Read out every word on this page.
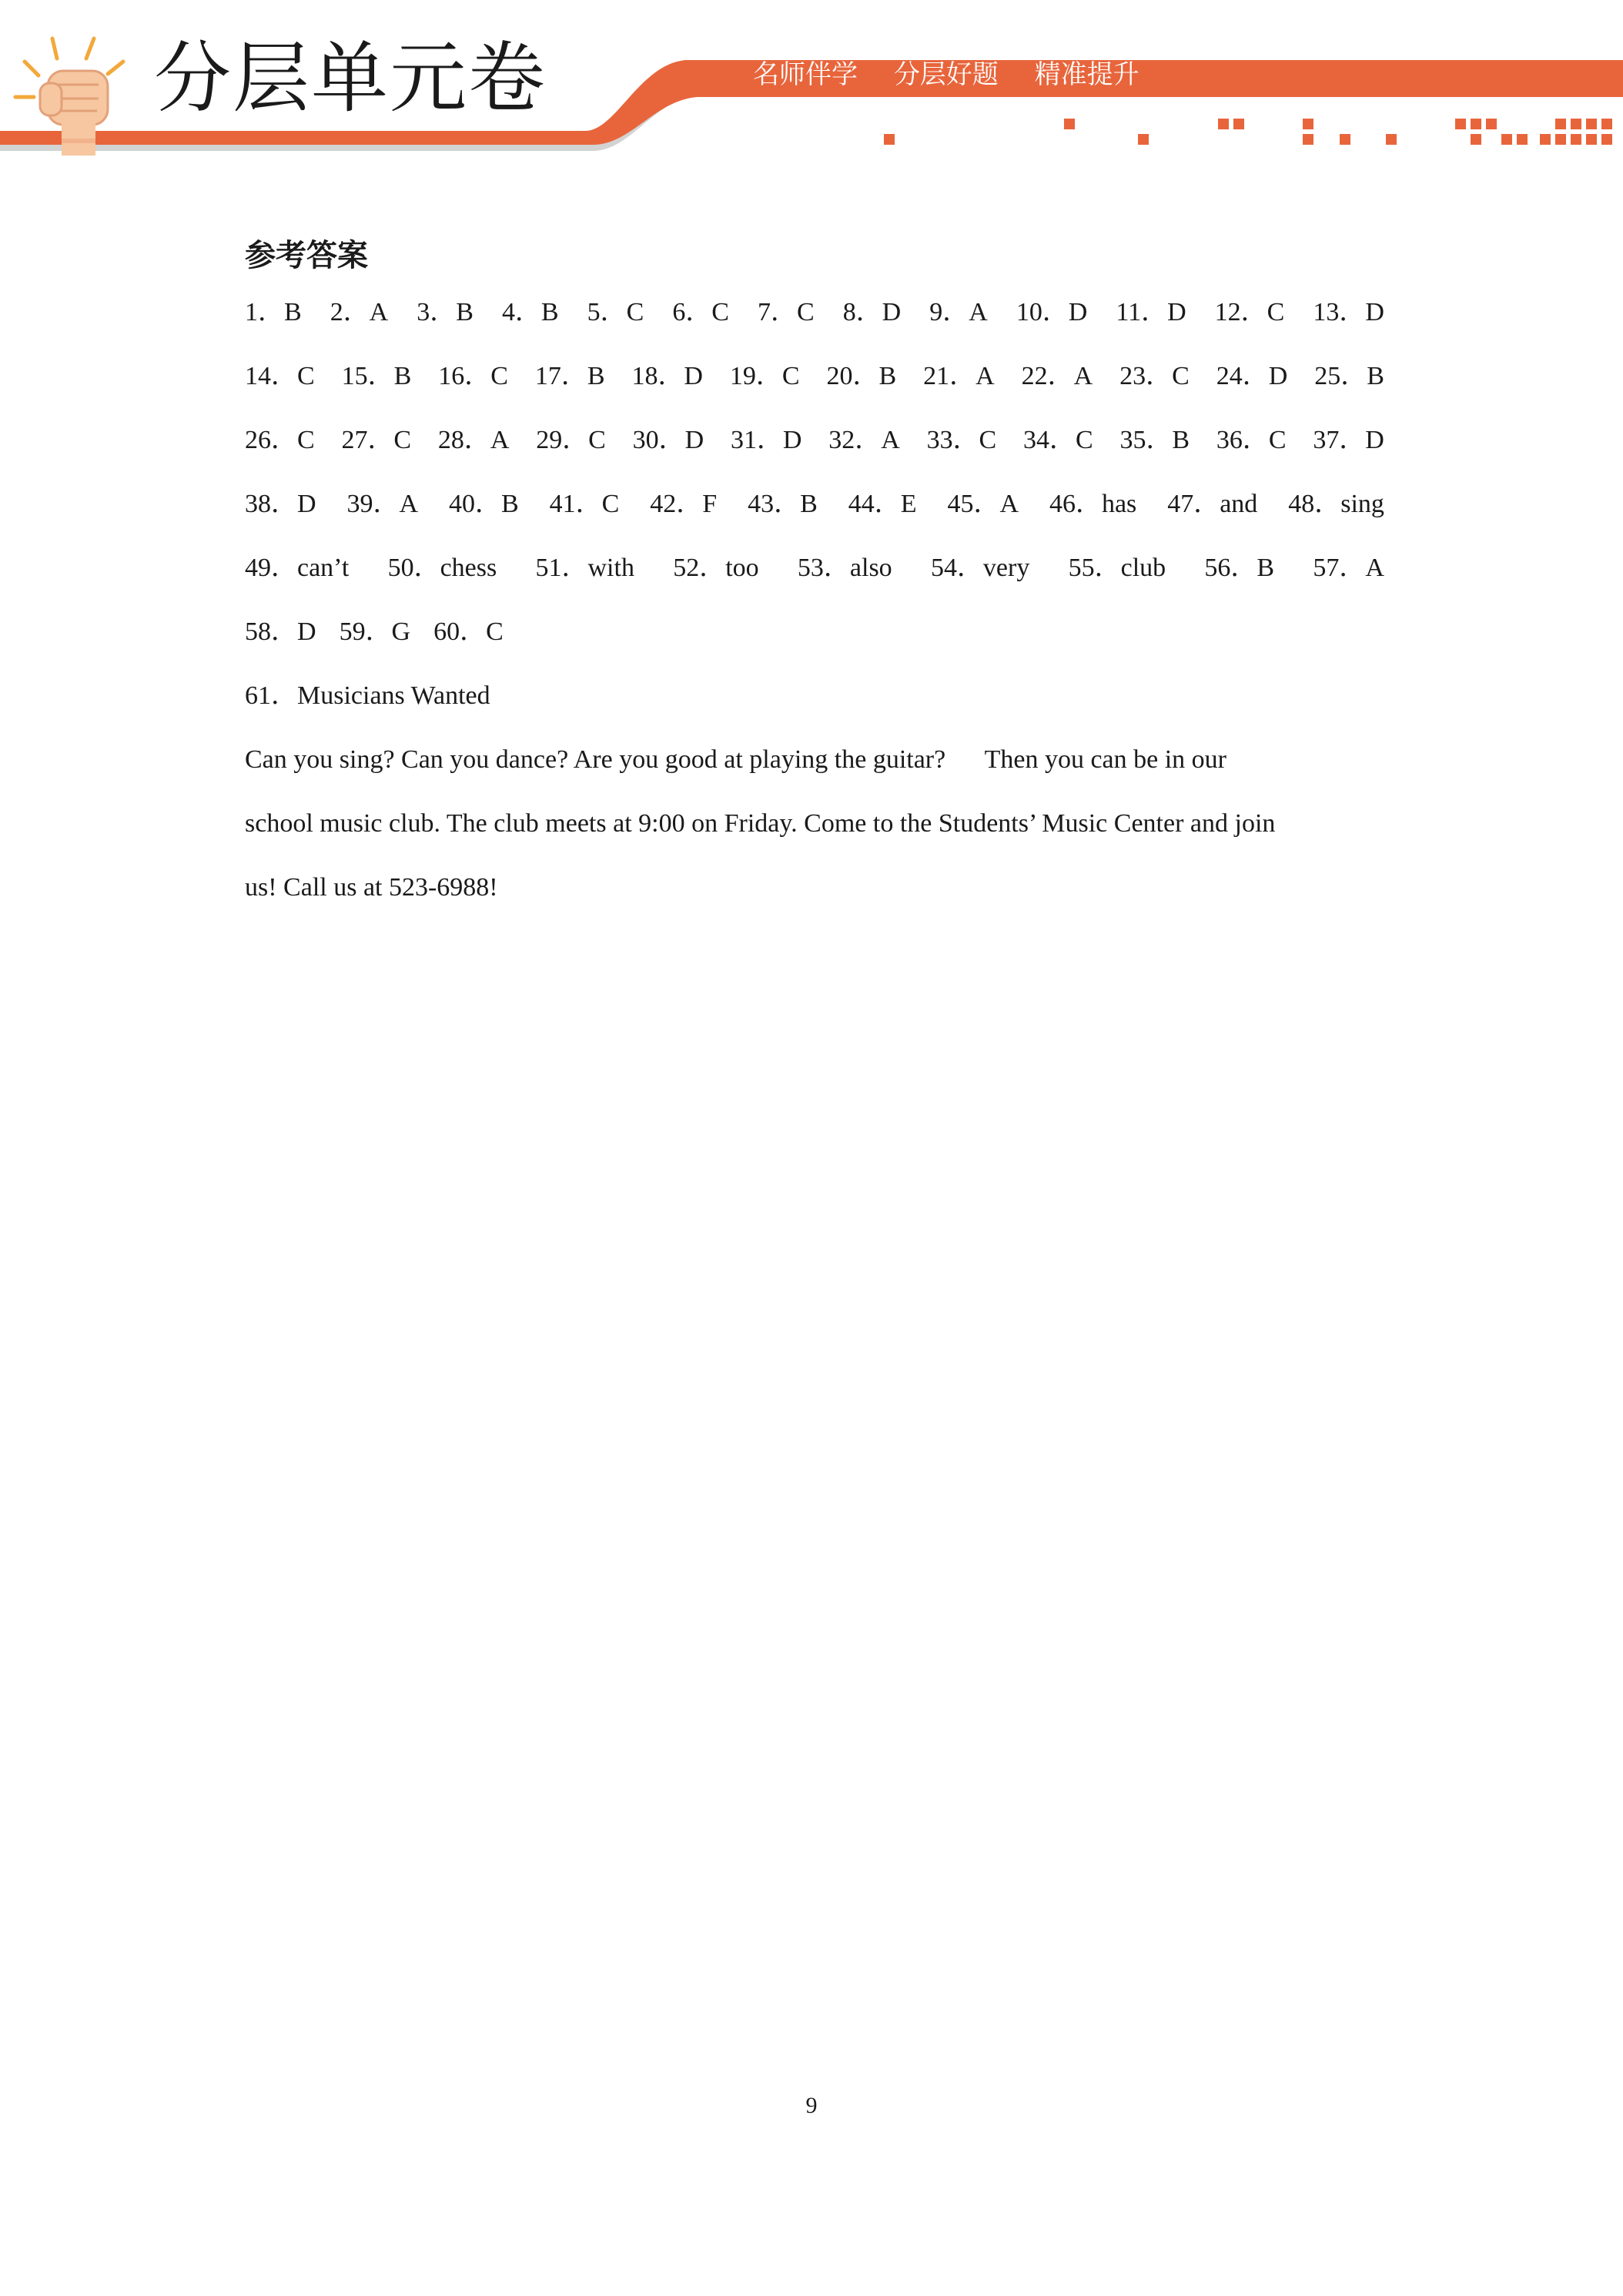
分层单元卷	名师伴学 分层好题 精准提升
参考答案
1．B 2．A 3．B 4．B 5．C 6．C 7．C 8．D 9．A 10．D 11．D 12．C 13．D
14．C 15．B 16．C 17．B 18．D 19．C 20．B 21．A 22．A 23．C 24．D 25．B
26．C 27．C 28．A 29．C 30．D 31．D 32．A 33．C 34．C 35．B 36．C 37．D
38．D 39．A 40．B 41．C 42．F 43．B 44．E 45．A 46．has 47．and 48．sing
49．can’t 50．chess 51．with 52．too 53．also 54．very 55．club 56．B 57．A
58．D 59．G 60．C
61．Musicians Wanted
Can you sing? Can you dance? Are you good at playing the guitar?      Then you can be in our
school music club. The club meets at 9:00 on Friday. Come to the Students’ Music Center and join
us! Call us at 523-6988!
9
